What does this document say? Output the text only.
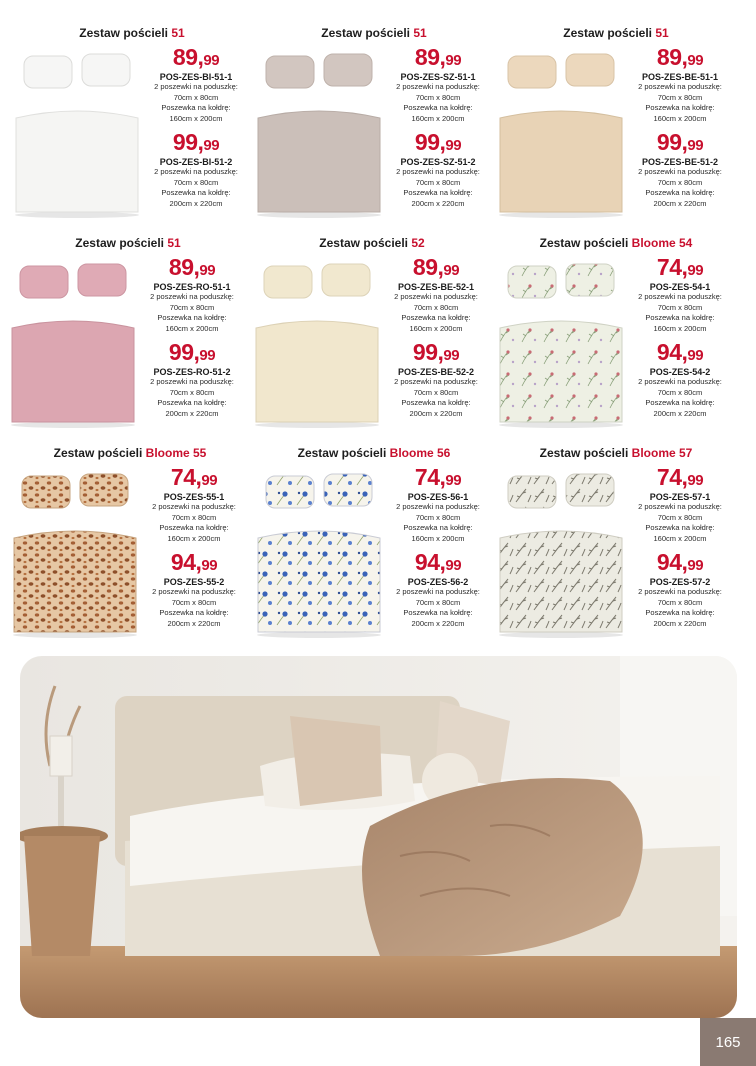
Zestaw pościeli 51
89,99
POS-ZES-BI-51-1
2 poszewki na poduszkę:
70cm x 80cm
Poszewka na kołdrę:
160cm x 200cm
99,99
POS-ZES-BI-51-2
2 poszewki na poduszkę:
70cm x 80cm
Poszewka na kołdrę:
200cm x 220cm
Zestaw pościeli 51
89,99
POS-ZES-SZ-51-1
2 poszewki na poduszkę:
70cm x 80cm
Poszewka na kołdrę:
160cm x 200cm
99,99
POS-ZES-SZ-51-2
2 poszewki na poduszkę:
70cm x 80cm
Poszewka na kołdrę:
200cm x 220cm
Zestaw pościeli 51
89,99
POS-ZES-BE-51-1
2 poszewki na poduszkę:
70cm x 80cm
Poszewka na kołdrę:
160cm x 200cm
99,99
POS-ZES-BE-51-2
2 poszewki na poduszkę:
70cm x 80cm
Poszewka na kołdrę:
200cm x 220cm
Zestaw pościeli 51
89,99
POS-ZES-RO-51-1
2 poszewki na poduszkę:
70cm x 80cm
Poszewka na kołdrę:
160cm x 200cm
99,99
POS-ZES-RO-51-2
2 poszewki na poduszkę:
70cm x 80cm
Poszewka na kołdrę:
200cm x 220cm
Zestaw pościeli 52
89,99
POS-ZES-BE-52-1
2 poszewki na poduszkę:
70cm x 80cm
Poszewka na kołdrę:
160cm x 200cm
99,99
POS-ZES-BE-52-2
2 poszewki na poduszkę:
70cm x 80cm
Poszewka na kołdrę:
200cm x 220cm
Zestaw pościeli Bloome 54
74,99
POS-ZES-54-1
2 poszewki na poduszkę:
70cm x 80cm
Poszewka na kołdrę:
160cm x 200cm
94,99
POS-ZES-54-2
2 poszewki na poduszkę:
70cm x 80cm
Poszewka na kołdrę:
200cm x 220cm
Zestaw pościeli Bloome 55
74,99
POS-ZES-55-1
2 poszewki na poduszkę:
70cm x 80cm
Poszewka na kołdrę:
160cm x 200cm
94,99
POS-ZES-55-2
2 poszewki na poduszkę:
70cm x 80cm
Poszewka na kołdrę:
200cm x 220cm
Zestaw pościeli Bloome 56
74,99
POS-ZES-56-1
2 poszewki na poduszkę:
70cm x 80cm
Poszewka na kołdrę:
160cm x 200cm
94,99
POS-ZES-56-2
2 poszewki na poduszkę:
70cm x 80cm
Poszewka na kołdrę:
200cm x 220cm
Zestaw pościeli Bloome 57
74,99
POS-ZES-57-1
2 poszewki na poduszkę:
70cm x 80cm
Poszewka na kołdrę:
160cm x 200cm
94,99
POS-ZES-57-2
2 poszewki na poduszkę:
70cm x 80cm
Poszewka na kołdrę:
200cm x 220cm
165
